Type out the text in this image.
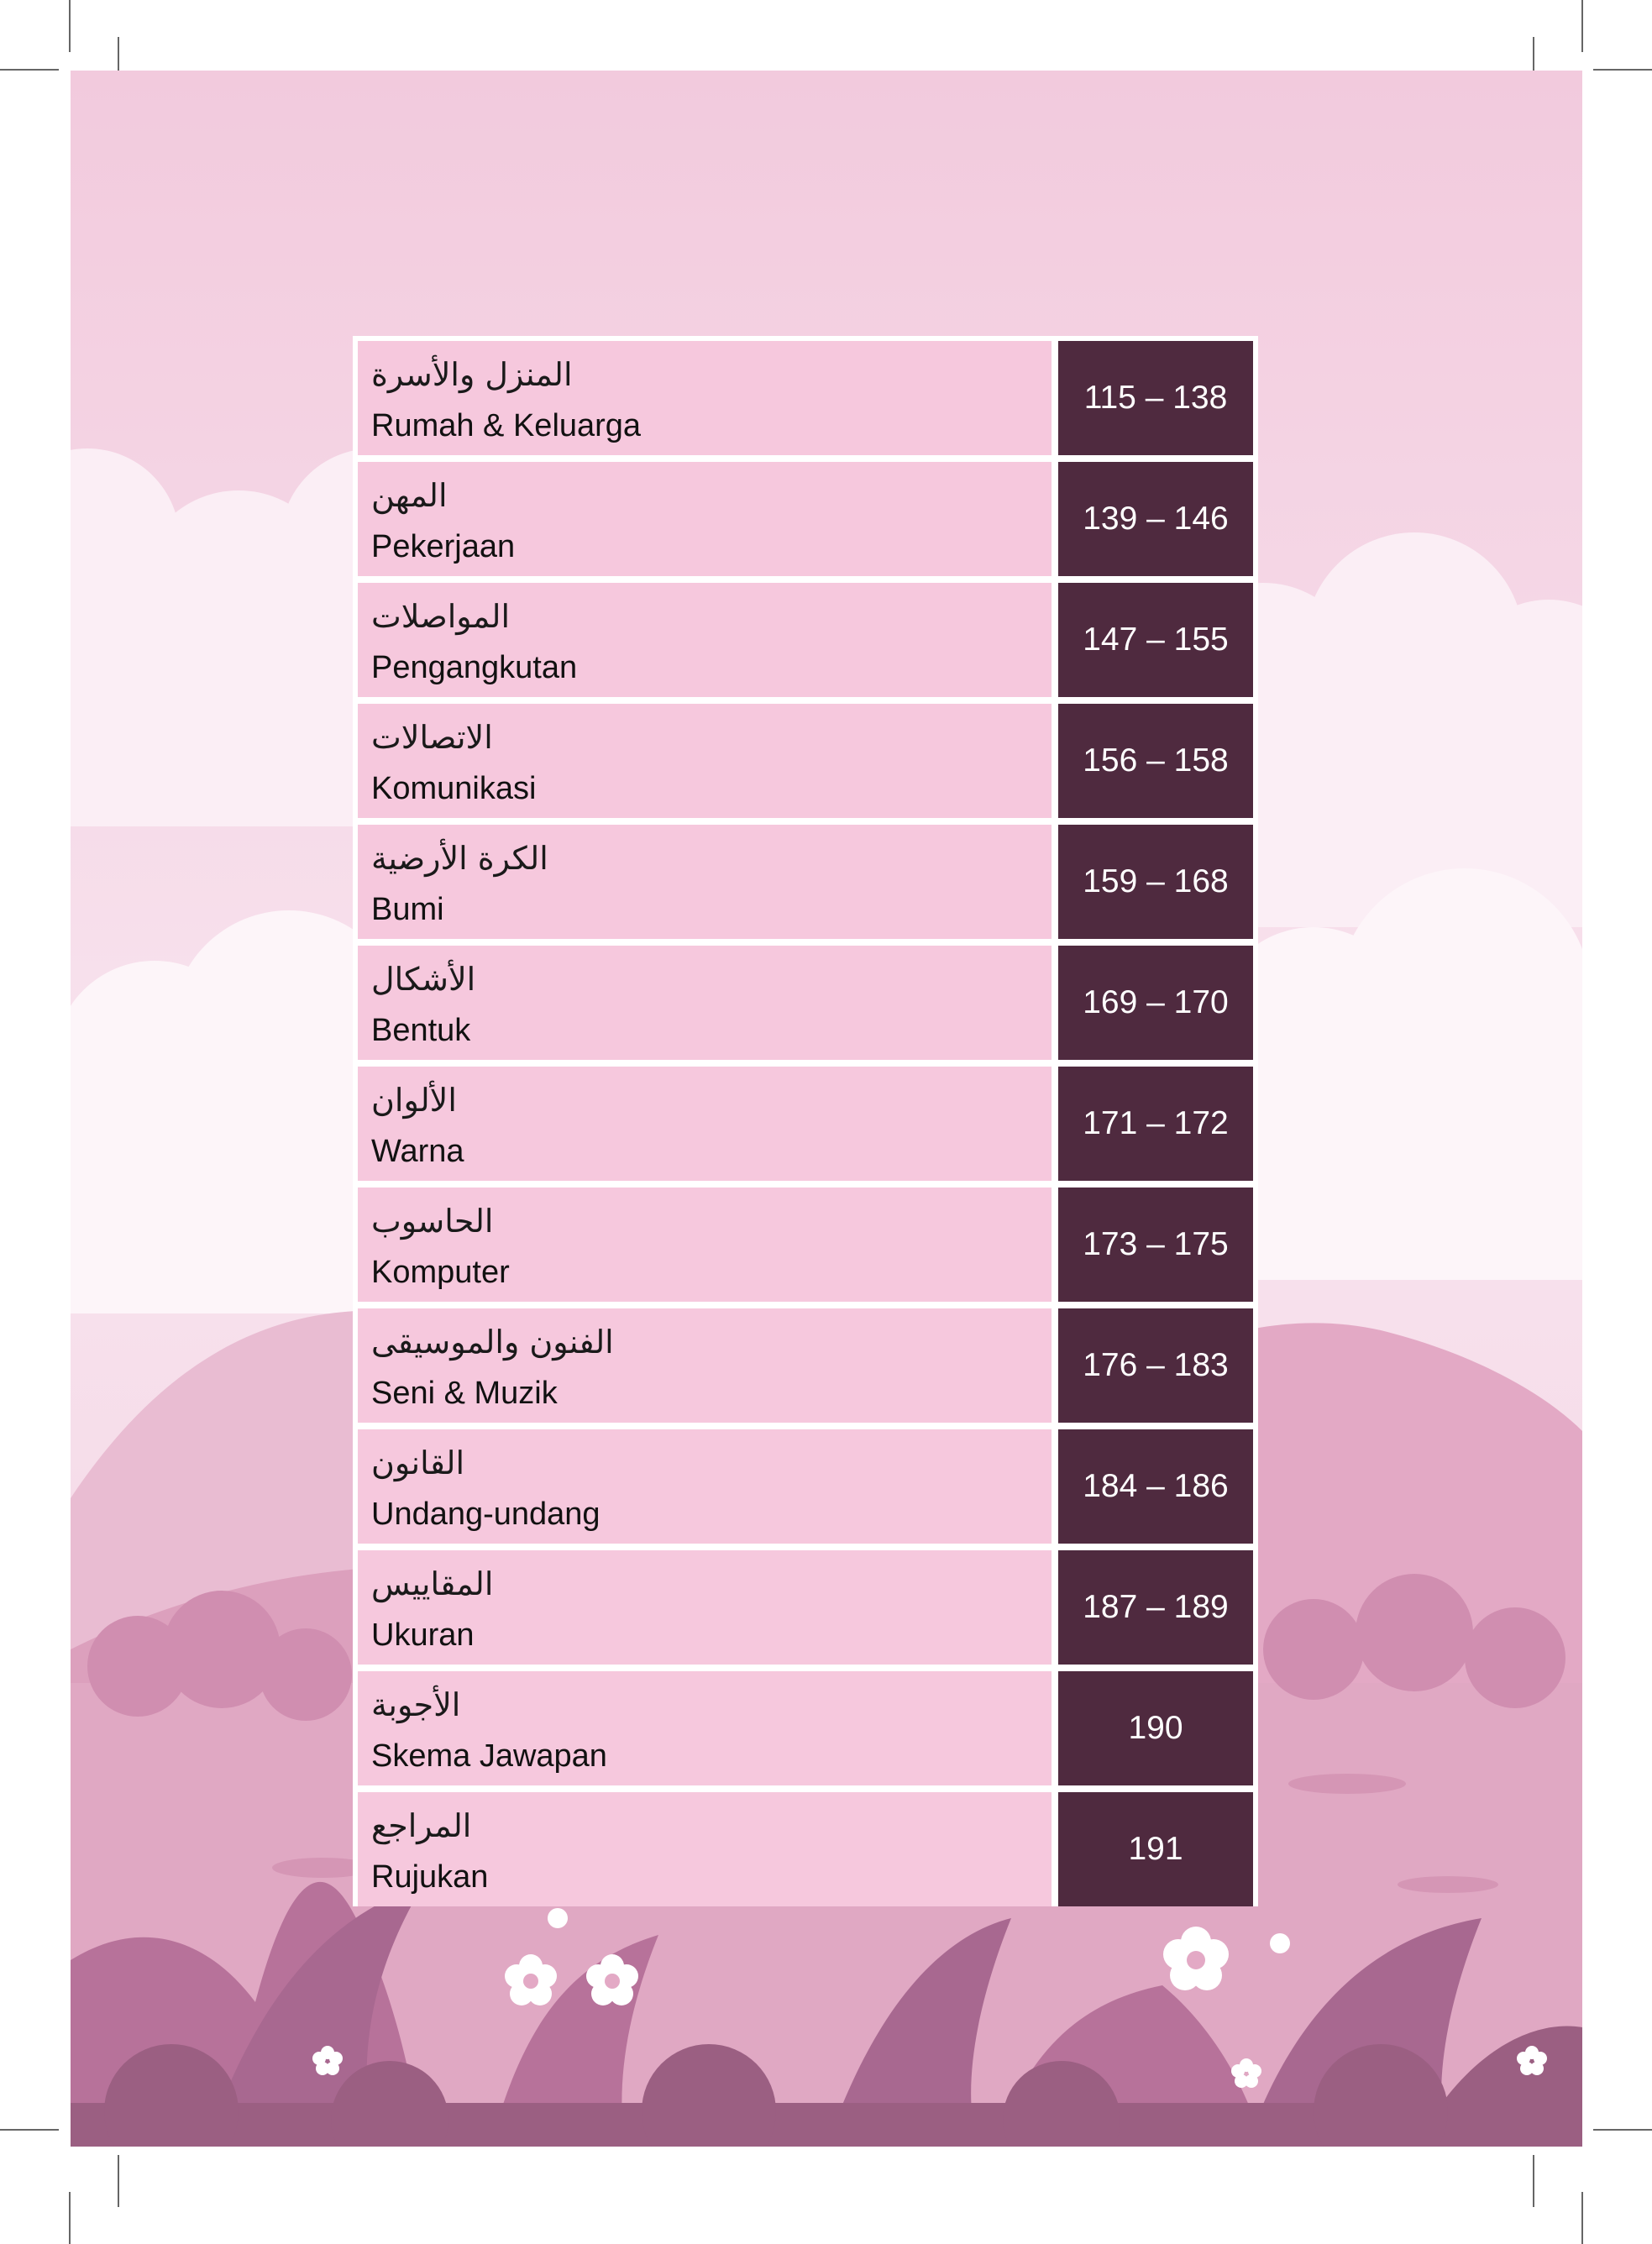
المنزل والأسرة
Rumah & Keluarga
115 – 138
المهن
Pekerjaan
139 – 146
المواصلات
Pengangkutan
147 – 155
الاتصالات
Komunikasi
156 – 158
الكرة الأرضية
Bumi
159 – 168
الأشكال
Bentuk
169 – 170
الألوان
Warna
171 – 172
الحاسوب
Komputer
173 – 175
الفنون والموسيقى
Seni & Muzik
176 – 183
القانون
Undang-undang
184 – 186
المقاييس
Ukuran
187 – 189
الأجوبة
Skema Jawapan
190
المراجع
Rujukan
191
